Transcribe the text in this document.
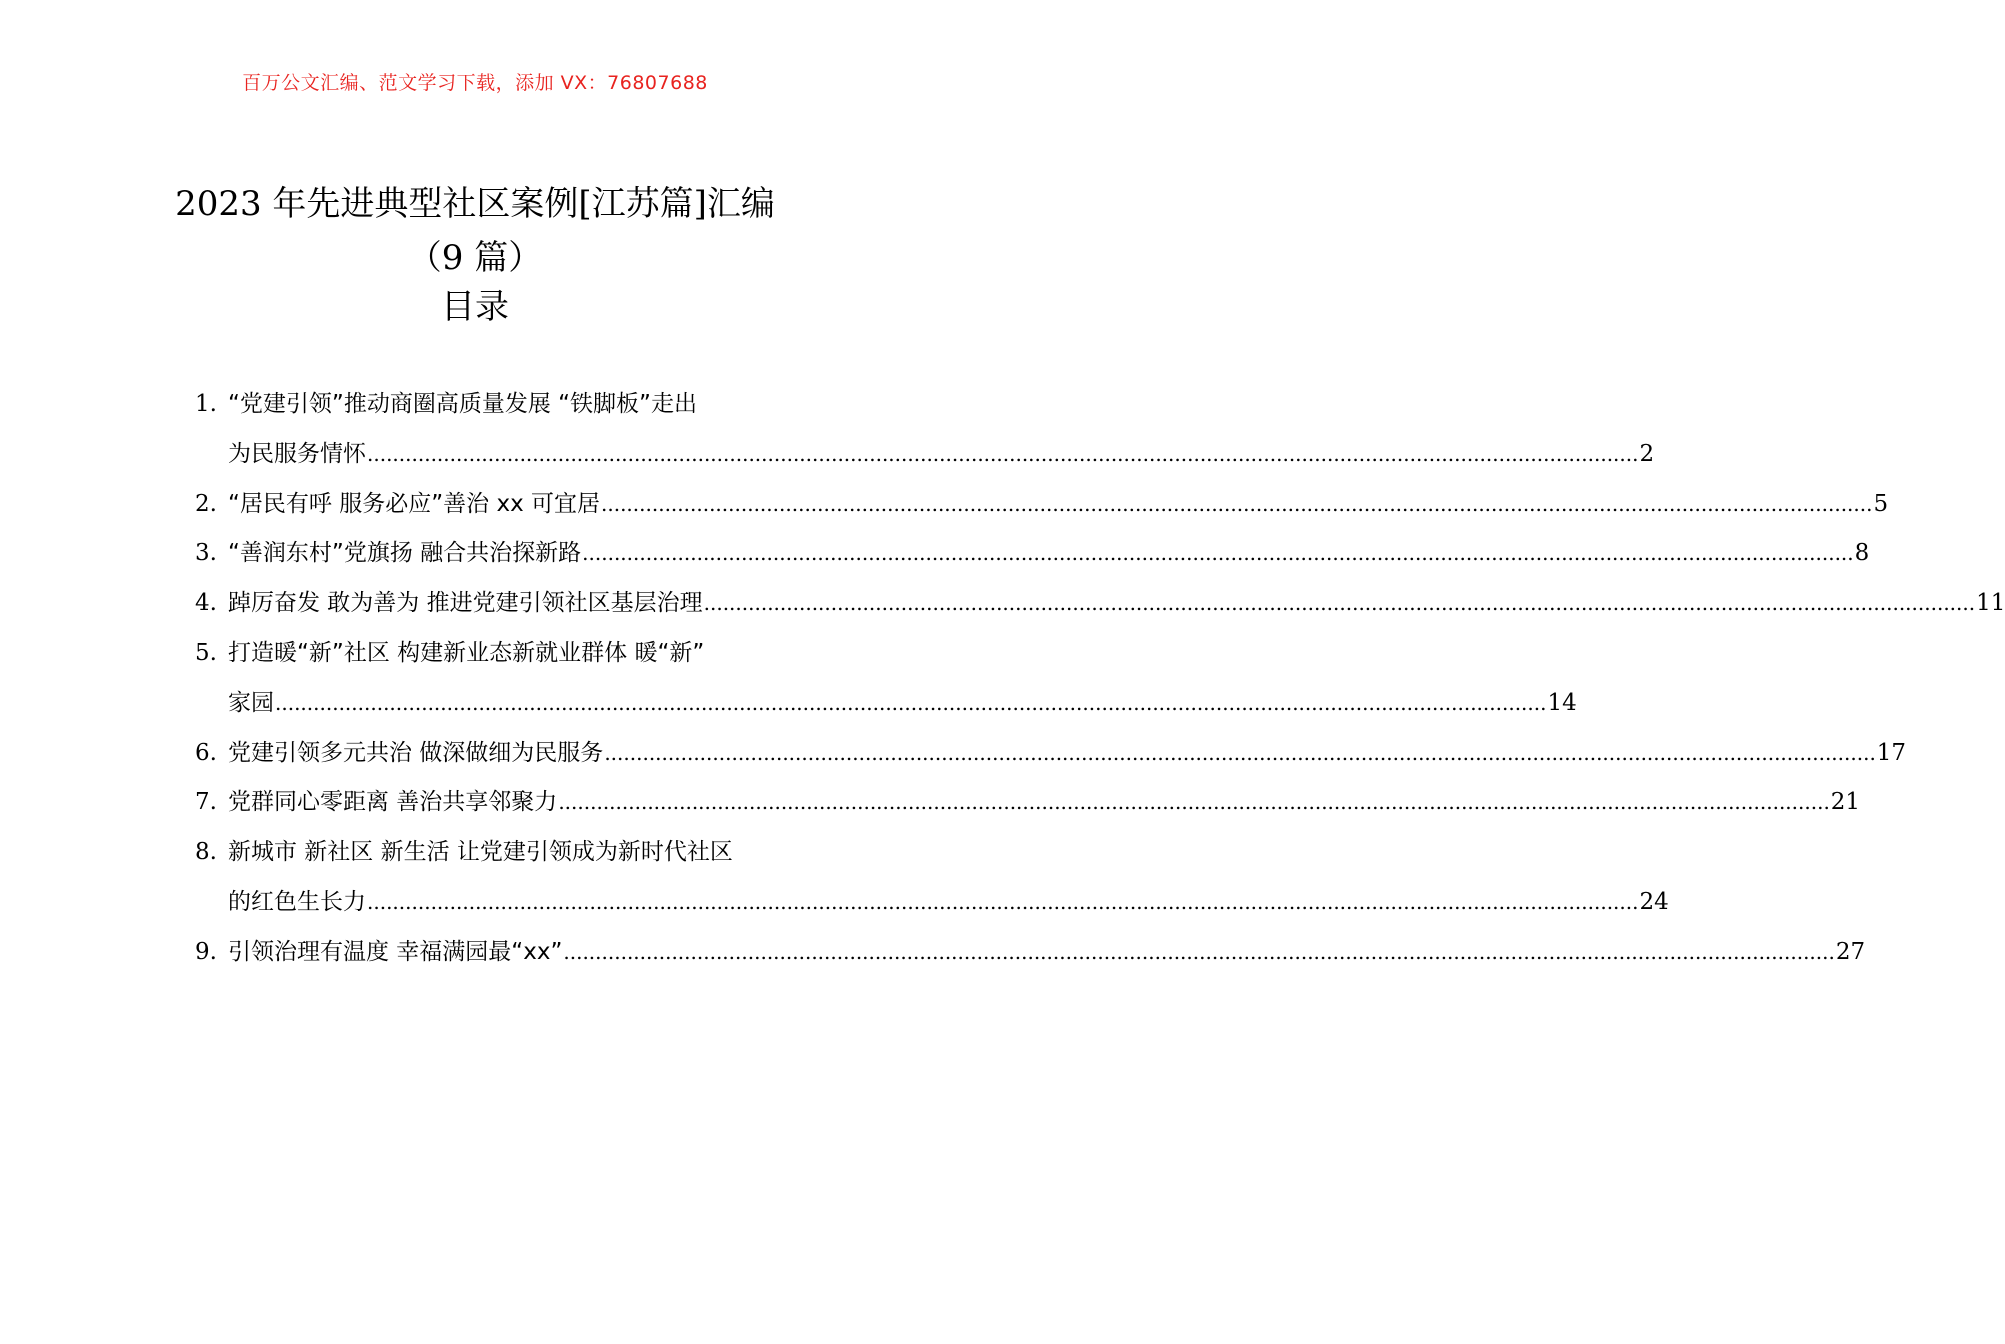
百万公文汇编、范文学习下载，添加 VX：76807688
2023 年先进典型社区案例[江苏篇]汇编
（9 篇）
目录
1. “党建引领”推动商圈高质量发展 “铁脚板”走出
为民服务情怀 ........................................................................................................................................................................................................ 2
2. “居民有呼 服务必应”善治 xx 可宜居 ........................................................................................................................................................................................................ 5
3. “善润东村”党旗扬 融合共治探新路 ........................................................................................................................................................................................................ 8
4. 踔厉奋发 敢为善为 推进党建引领社区基层治理 ........................................................................................................................................................................................................ 11
5. 打造暖“新”社区 构建新业态新就业群体 暖“新”
家园 ........................................................................................................................................................................................................ 14
6. 党建引领多元共治 做深做细为民服务 ........................................................................................................................................................................................................ 17
7. 党群同心零距离 善治共享邻聚力 ........................................................................................................................................................................................................ 21
8. 新城市 新社区 新生活 让党建引领成为新时代社区
的红色生长力 ........................................................................................................................................................................................................ 24
9. 引领治理有温度 幸福满园最“xx” ........................................................................................................................................................................................................ 27
